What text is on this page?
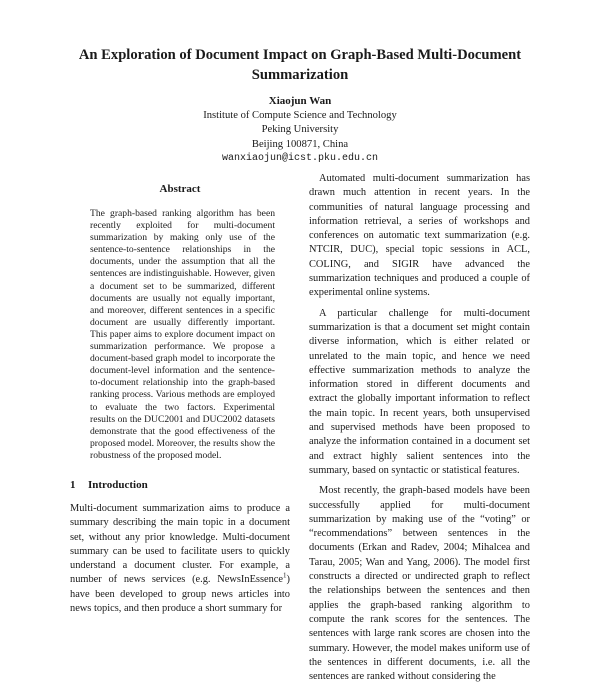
An Exploration of Document Impact on Graph-Based Multi-Document Summarization
Xiaojun Wan
Institute of Compute Science and Technology
Peking University
Beijing 100871, China
wanxiaojun@icst.pku.edu.cn
Abstract

The graph-based ranking algorithm has been recently exploited for multi-document summarization by making only use of the sentence-to-sentence relationships in the documents, under the assumption that all the sentences are indistinguishable. However, given a document set to be summarized, different documents are usually not equally important, and moreover, different sentences in a specific document are usually differently important. This paper aims to explore document impact on summarization performance. We propose a document-based graph model to incorporate the document-level information and the sentence-to-document relationship into the graph-based ranking process. Various methods are employed to evaluate the two factors. Experimental results on the DUC2001 and DUC2002 datasets demonstrate that the good effectiveness of the proposed model. Moreover, the results show the robustness of the proposed model.

1 Introduction

Multi-document summarization aims to produce a summary describing the main topic in a document set, without any prior knowledge. Multi-document summary can be used to facilitate users to quickly understand a document cluster. For example, a number of news services (e.g. NewsInEssence$^1$) have been developed to group news articles into news topics, and then produce a short summary for

Automated multi-document summarization has drawn much attention in recent years. In the communities of natural language processing and information retrieval, a series of workshops and conferences on automatic text summarization (e.g. NTCIR, DUC), special topic sessions in ACL, COLING, and SIGIR have advanced the summarization techniques and produced a couple of experimental online systems.

A particular challenge for multi-document summarization is that a document set might contain diverse information, which is either related or unrelated to the main topic, and hence we need effective summarization methods to analyze the information stored in different documents and extract the globally important information to reflect the main topic. In recent years, both unsupervised and supervised methods have been proposed to analyze the information contained in a document set and extract highly salient sentences into the summary, based on syntactic or statistical features.

Most recently, the graph-based models have been successfully applied for multi-document summarization by making use of the “voting” or “recommendations” between sentences in the documents (Erkan and Radev, 2004; Mihalcea and Tarau, 2005; Wan and Yang, 2006). The model first constructs a directed or undirected graph to reflect the relationships between the sentences and then applies the graph-based ranking algorithm to compute the rank scores for the sentences. The sentences with large rank scores are chosen into the summary. However, the model makes uniform use of the sentences in different documents, i.e. all the sentences are ranked without considering the
